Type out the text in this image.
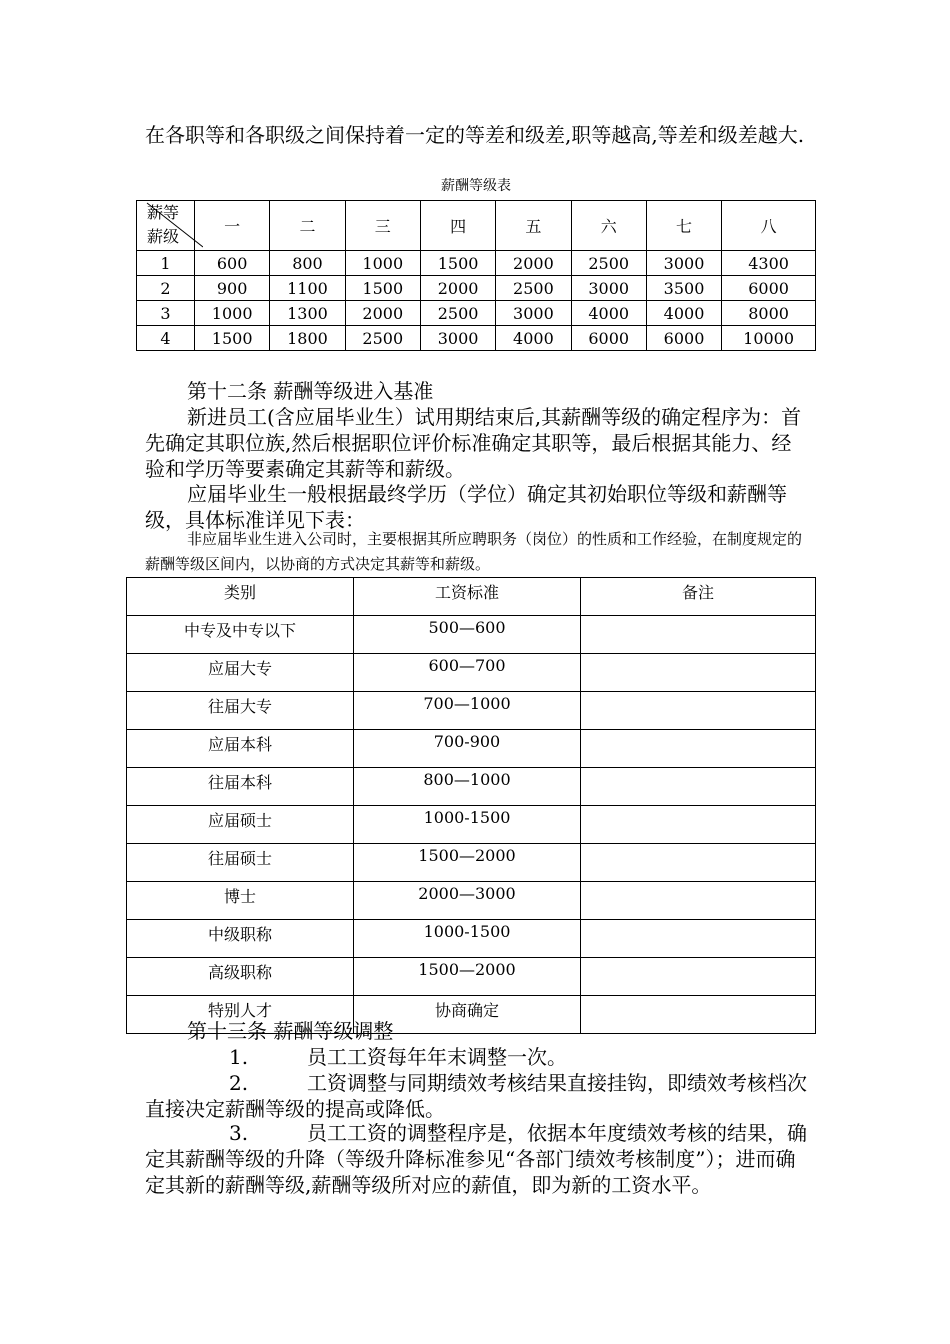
在各职等和各职级之间保持着一定的等差和级差,职等越高,等差和级差越大.
薪酬等级表
薪等
薪级	一	二	三	四	五	六	七	八
1	600	800	1000	1500	2000	2500	3000	4300
2	900	1100	1500	2000	2500	3000	3500	6000
3	1000	1300	2000	2500	3000	4000	4000	8000
4	1500	1800	2500	3000	4000	6000	6000	10000
第十二条 薪酬等级进入基准
新进员工(含应届毕业生）试用期结束后,其薪酬等级的确定程序为：首先确定其职位族,然后根据职位评价标准确定其职等，最后根据其能力、经验和学历等要素确定其薪等和薪级。
应届毕业生一般根据最终学历（学位）确定其初始职位等级和薪酬等级，具体标准详见下表：
非应届毕业生进入公司时，主要根据其所应聘职务（岗位）的性质和工作经验，在制度规定的薪酬等级区间内，以协商的方式决定其薪等和薪级。
类别	工资标准	备注
中专及中专以下	500—600	
应届大专	600—700	
往届大专	700—1000	
应届本科	700-900	
往届本科	800—1000	
应届硕士	1000-1500	
往届硕士	1500—2000	
博士	2000—3000	
中级职称	1000-1500	
高级职称	1500—2000	
特别人才	协商确定	
第十三条 薪酬等级调整
1.	员工工资每年年末调整一次。
2.	工资调整与同期绩效考核结果直接挂钩，即绩效考核档次直接决定薪酬等级的提高或降低。
3.	员工工资的调整程序是，依据本年度绩效考核的结果，确定其薪酬等级的升降（等级升降标准参见“各部门绩效考核制度”）；进而确定其新的薪酬等级,薪酬等级所对应的薪值，即为新的工资水平。
